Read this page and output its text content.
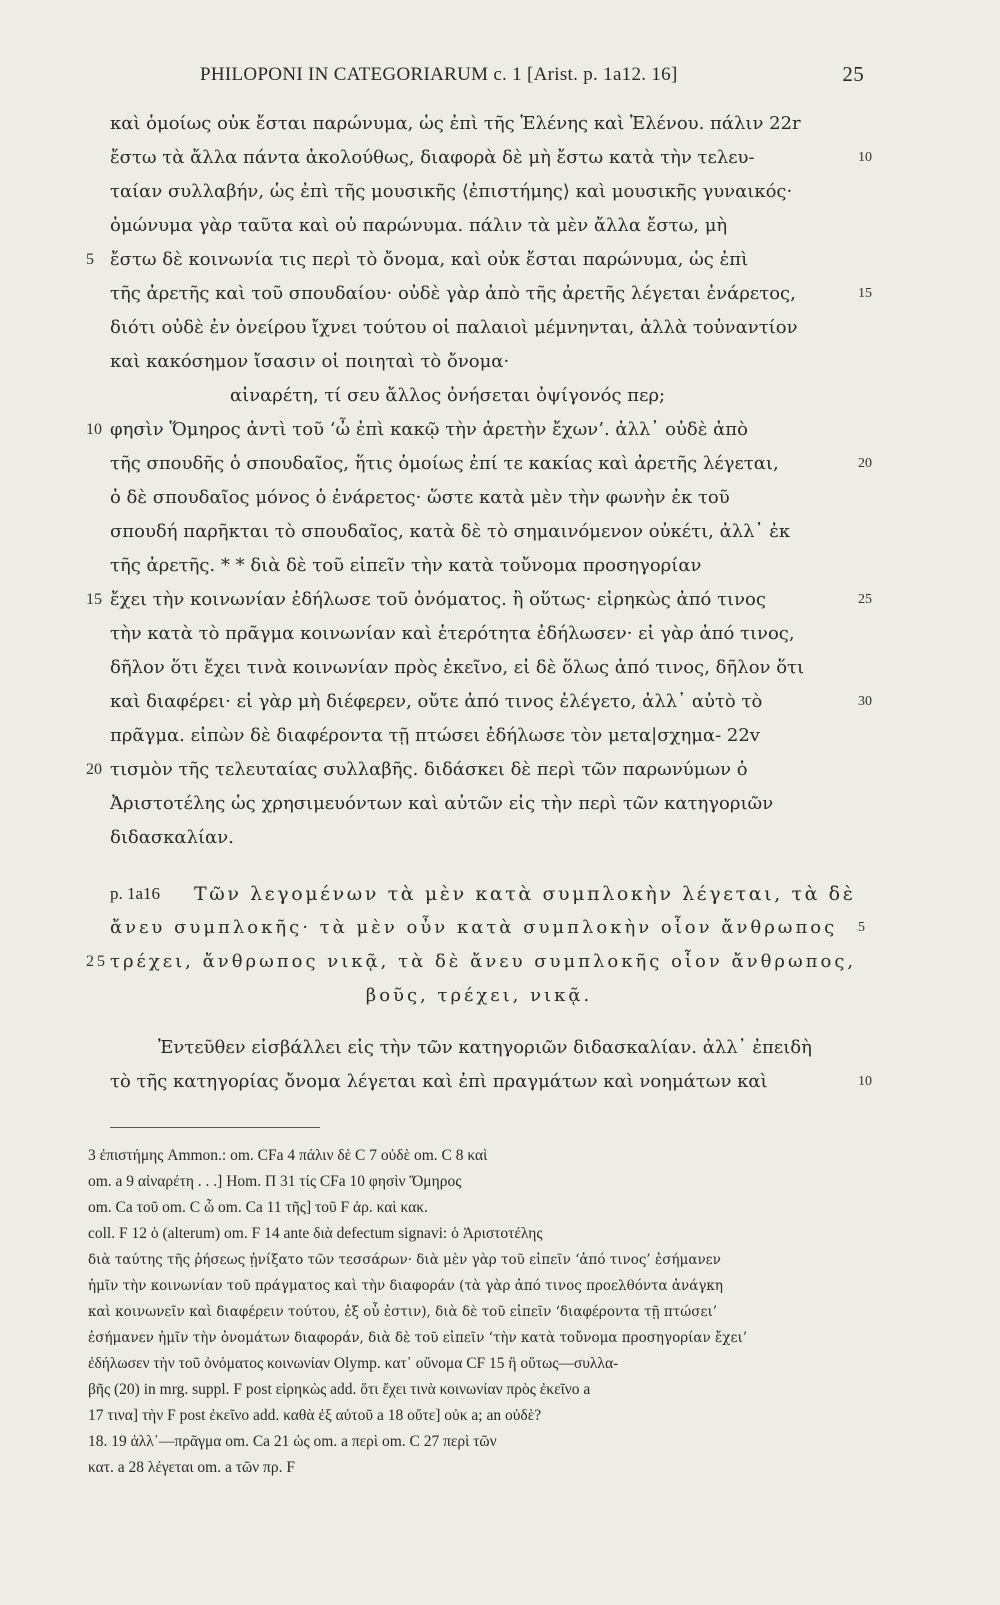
PHILOPONI IN CATEGORIARUM c. 1 [Arist. p. 1a12. 16]	25
καὶ ὁμοίως οὐκ ἔσται παρώνυμα, ὡς ἐπὶ τῆς Ἑλένης καὶ Ἑλένου. πάλιν 22r
ἔστω τὰ ἄλλα πάντα ἀκολούθως, διαφορὰ δὲ μὴ ἔστω κατὰ τὴν τελευ-	10
ταίαν συλλαβήν, ὡς ἐπὶ τῆς μουσικῆς ⟨ἐπιστήμης⟩ καὶ μουσικῆς γυναικός·
ὁμώνυμα γὰρ ταῦτα καὶ οὐ παρώνυμα. πάλιν τὰ μὲν ἄλλα ἔστω, μὴ
5 ἔστω δὲ κοινωνία τις περὶ τὸ ὄνομα, καὶ οὐκ ἔσται παρώνυμα, ὡς ἐπὶ
τῆς ἀρετῆς καὶ τοῦ σπουδαίου· οὐδὲ γὰρ ἀπὸ τῆς ἀρετῆς λέγεται ἐνάρετος,	15
διότι οὐδὲ ἐν ὀνείρου ἴχνει τούτου οἱ παλαιοὶ μέμνηνται, ἀλλὰ τοὐναντίον
καὶ κακόσημον ἴσασιν οἱ ποιηταὶ τὸ ὄνομα·
αἰναρέτη, τί σευ ἄλλος ὀνήσεται ὀψίγονός περ;
10 φησὶν Ὅμηρος ἀντὶ τοῦ ‘ὦ ἐπὶ κακῷ τὴν ἀρετὴν ἔχων’. ἀλλ᾽ οὐδὲ ἀπὸ
τῆς σπουδῆς ὁ σπουδαῖος, ἥτις ὁμοίως ἐπί τε κακίας καὶ ἀρετῆς λέγεται,	20
ὁ δὲ σπουδαῖος μόνος ὁ ἐνάρετος· ὥστε κατὰ μὲν τὴν φωνὴν ἐκ τοῦ
σπουδή παρῆκται τὸ σπουδαῖος, κατὰ δὲ τὸ σημαινόμενον οὐκέτι, ἀλλ᾽ ἐκ
τῆς ἀρετῆς. * * διὰ δὲ τοῦ εἰπεῖν τὴν κατὰ τοὔνομα προσηγορίαν
15 ἔχει τὴν κοινωνίαν ἐδήλωσε τοῦ ὀνόματος. ἢ οὕτως· εἰρηκὼς ἀπό τινος	25
τὴν κατὰ τὸ πρᾶγμα κοινωνίαν καὶ ἑτερότητα ἐδήλωσεν· εἰ γὰρ ἀπό τινος,
δῆλον ὅτι ἔχει τινὰ κοινωνίαν πρὸς ἐκεῖνο, εἰ δὲ ὅλως ἀπό τινος, δῆλον ὅτι
καὶ διαφέρει· εἰ γὰρ μὴ διέφερεν, οὔτε ἀπό τινος ἐλέγετο, ἀλλ᾽ αὐτὸ τὸ	30
πρᾶγμα. εἰπὼν δὲ διαφέροντα τῇ πτώσει ἐδήλωσε τὸν μετα|σχημα- 22v
20 τισμὸν τῆς τελευταίας συλλαβῆς. διδάσκει δὲ περὶ τῶν παρωνύμων ὁ
Ἀριστοτέλης ὡς χρησιμευόντων καὶ αὐτῶν εἰς τὴν περὶ τῶν κατηγοριῶν
διδασκαλίαν.
p. 1a16 Τῶν λεγομένων τὰ μὲν κατὰ συμπλοκὴν λέγεται, τὰ δὲ
ἄνευ συμπλοκῆς· τὰ μὲν οὖν κατὰ συμπλοκὴν οἷον ἄνθρωπος 5
25 τρέχει, ἄνθρωπος νικᾷ, τὰ δὲ ἄνευ συμπλοκῆς οἷον ἄνθρωπος,
βοῦς, τρέχει, νικᾷ.
Ἐντεῦθεν εἰσβάλλει εἰς τὴν τῶν κατηγοριῶν διδασκαλίαν. ἀλλ᾽ ἐπειδὴ
τὸ τῆς κατηγορίας ὄνομα λέγεται καὶ ἐπὶ πραγμάτων καὶ νοημάτων καὶ	10
3 ἐπιστήμης Ammon.: om. CFa 4 πάλιν δὲ C 7 οὐδὲ om. C 8 καὶ
om. a 9 αἰναρέτη . . .] Hom. Π 31 τίς CFa 10 φησὶν Ὅμηρος
om. Ca τοῦ om. C ὦ om. Ca 11 τῆς] τοῦ F ἀρ. καὶ κακ.
coll. F 12 ὁ (alterum) om. F 14 ante διὰ defectum signavi: ὁ Ἀριστοτέλης
διὰ ταύτης τῆς ῥήσεως ᾐνίξατο τῶν τεσσάρων· διὰ μὲν γὰρ τοῦ εἰπεῖν ‘ἀπό τινος’ ἐσήμανεν
ἡμῖν τὴν κοινωνίαν τοῦ πράγματος καὶ τὴν διαφοράν (τὰ γὰρ ἀπό τινος προελθόντα ἀνάγκη
καὶ κοινωνεῖν καὶ διαφέρειν τούτου, ἐξ οὗ ἐστιν), διὰ δὲ τοῦ εἰπεῖν ‘διαφέροντα τῇ πτώσει’
ἐσήμανεν ἡμῖν τὴν ὀνομάτων διαφοράν, διὰ δὲ τοῦ εἰπεῖν ‘τὴν κατὰ τοὔνομα προσηγορίαν ἔχει’
ἐδήλωσεν τὴν τοῦ ὀνόματος κοινωνίαν Olymp. κατ᾽ οὔνομα CF 15 ἢ οὕτως—συλλα-
βῆς (20) in mrg. suppl. F post εἰρηκὼς add. ὅτι ἔχει τινὰ κοινωνίαν πρὸς ἐκεῖνο a
17 τινα] τὴν F post ἐκεῖνο add. καθὰ ἐξ αὐτοῦ a 18 οὔτε] οὐκ a; an οὐδὲ?
18. 19 ἀλλ᾽—πρᾶγμα om. Ca 21 ὡς om. a περὶ om. C 27 περὶ τῶν
κατ. a 28 λέγεται om. a τῶν πρ. F
